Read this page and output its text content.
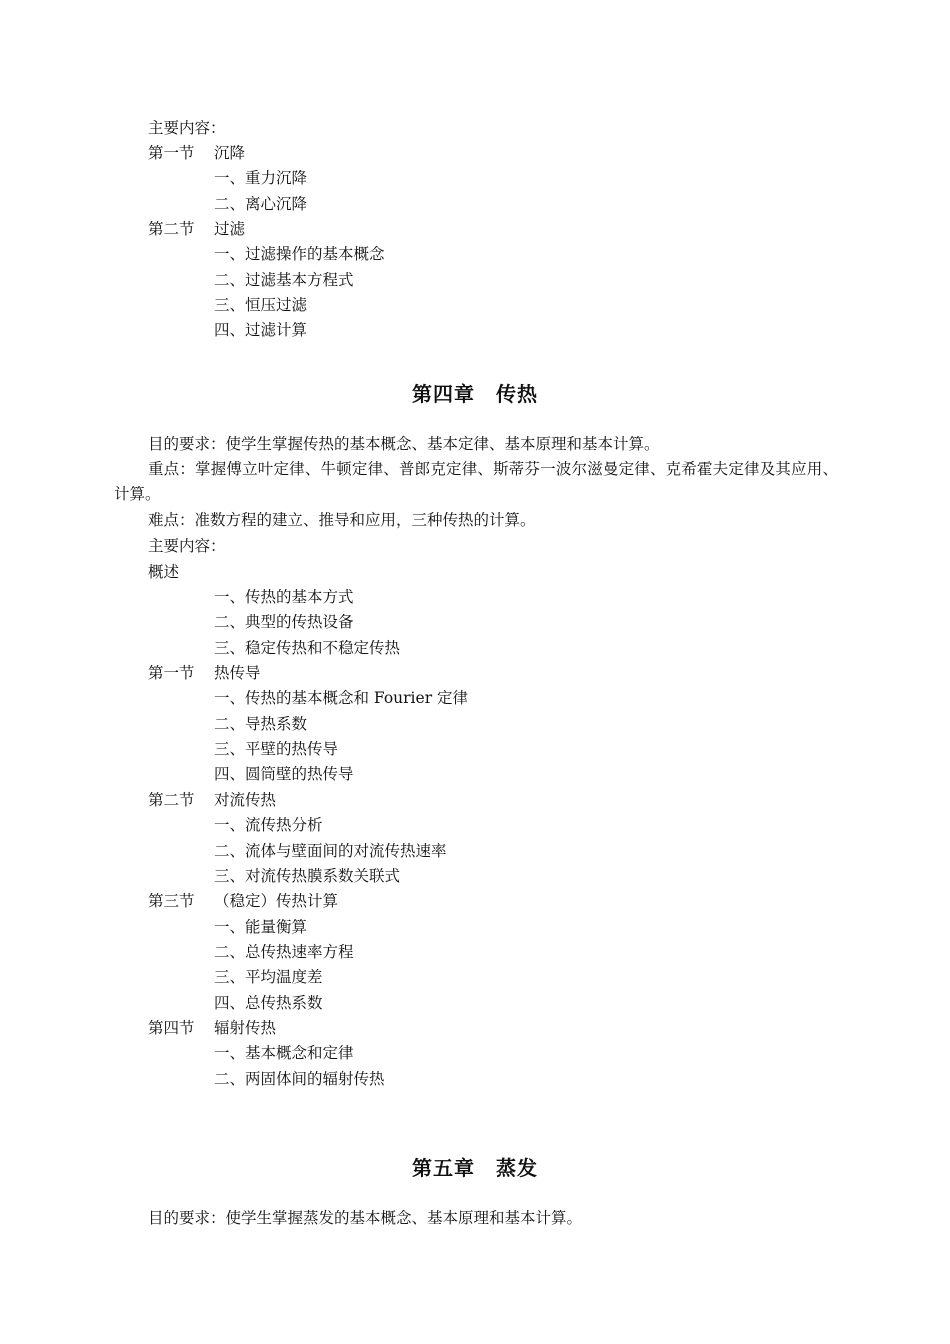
主要内容：
第一节 沉降
一、重力沉降
二、离心沉降
第二节 过滤
一、过滤操作的基本概念
二、过滤基本方程式
三、恒压过滤
四、过滤计算
第四章　传热
目的要求：使学生掌握传热的基本概念、基本定律、基本原理和基本计算。
重点：掌握傅立叶定律、牛顿定律、普郎克定律、斯蒂芬一波尔滋曼定律、克希霍夫定律及其应用、计算。
难点：准数方程的建立、推导和应用，三种传热的计算。
主要内容：
概述
一、传热的基本方式
二、典型的传热设备
三、稳定传热和不稳定传热
第一节 热传导
一、传热的基本概念和 Fourier 定律
二、导热系数
三、平壁的热传导
四、圆筒壁的热传导
第二节 对流传热
一、流传热分析
二、流体与壁面间的对流传热速率
三、对流传热膜系数关联式
第三节 （稳定）传热计算
一、能量衡算
二、总传热速率方程
三、平均温度差
四、总传热系数
第四节 辐射传热
一、基本概念和定律
二、两固体间的辐射传热
第五章　蒸发
目的要求：使学生掌握蒸发的基本概念、基本原理和基本计算。
